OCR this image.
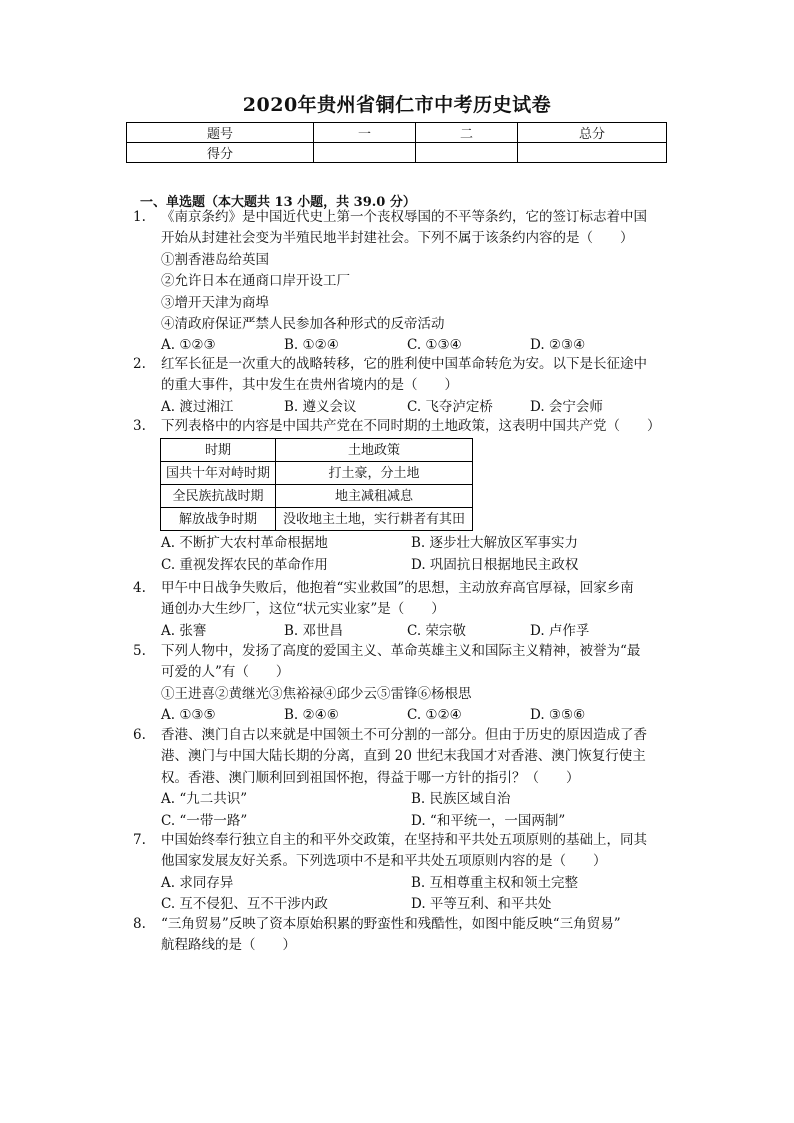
2020年贵州省铜仁市中考历史试卷
题号	一	二	总分
得分			
一、单选题（本大题共 13 小题，共 39.0 分）
1. 《南京条约》是中国近代史上第一个丧权辱国的不平等条约，它的签订标志着中国
开始从封建社会变为半殖民地半封建社会。下列不属于该条约内容的是（　　）
①割香港岛给英国
②允许日本在通商口岸开设工厂
③增开天津为商埠
④清政府保证严禁人民参加各种形式的反帝活动
A. ①②③	B. ①②④	C. ①③④	D. ②③④
2. 红军长征是一次重大的战略转移，它的胜利使中国革命转危为安。以下是长征途中
的重大事件，其中发生在贵州省境内的是（　　）
A. 渡过湘江	B. 遵义会议	C. 飞夺泸定桥	D. 会宁会师
3. 下列表格中的内容是中国共产党在不同时期的土地政策，这表明中国共产党（　　）
时期	土地政策
国共十年对峙时期	打土豪，分土地
全民族抗战时期	地主减租减息
解放战争时期	没收地主土地，实行耕者有其田
A. 不断扩大农村革命根据地	B. 逐步壮大解放区军事实力
C. 重视发挥农民的革命作用	D. 巩固抗日根据地民主政权
4. 甲午中日战争失败后，他抱着“实业救国”的思想，主动放弃高官厚禄，回家乡南
通创办大生纱厂，这位“状元实业家”是（　　）
A. 张謇	B. 邓世昌	C. 荣宗敬	D. 卢作孚
5. 下列人物中，发扬了高度的爱国主义、革命英雄主义和国际主义精神，被誉为“最
可爱的人”有（　　）
①王进喜②黄继光③焦裕禄④邱少云⑤雷锋⑥杨根思
A. ①③⑤	B. ②④⑥	C. ①②④	D. ③⑤⑥
6. 香港、澳门自古以来就是中国领土不可分割的一部分。但由于历史的原因造成了香
港、澳门与中国大陆长期的分离，直到 20 世纪末我国才对香港、澳门恢复行使主
权。香港、澳门顺利回到祖国怀抱，得益于哪一方针的指引？（　　）
A. “九二共识”	B. 民族区域自治
C. “一带一路”	D. “和平统一，一国两制”
7. 中国始终奉行独立自主的和平外交政策，在坚持和平共处五项原则的基础上，同其
他国家发展友好关系。下列选项中不是和平共处五项原则内容的是（　　）
A. 求同存异	B. 互相尊重主权和领土完整
C. 互不侵犯、互不干涉内政	D. 平等互利、和平共处
8. “三角贸易”反映了资本原始积累的野蛮性和残酷性，如图中能反映“三角贸易”
航程路线的是（　　）
